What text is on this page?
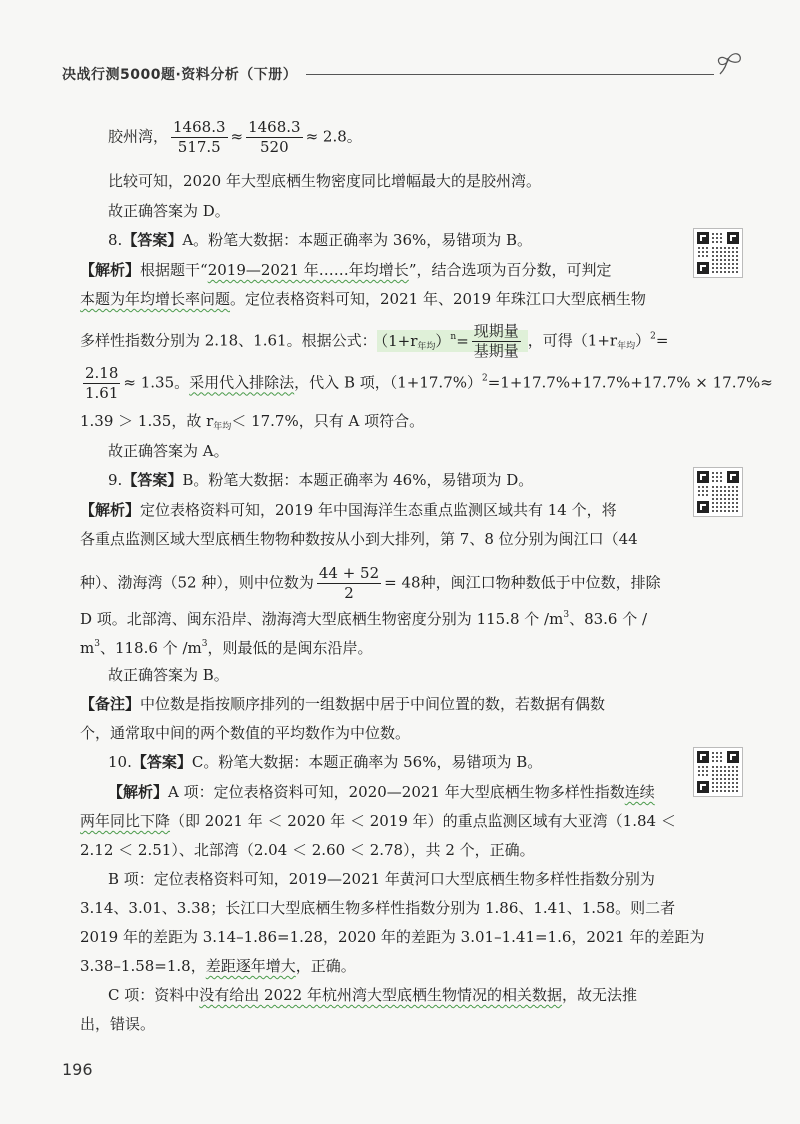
决战行测5000题·资料分析（下册）
胶州湾， $\frac{1468.3}{517.5} \approx \frac{1468.3}{520} \approx 2.8$。
比较可知，2020 年大型底栖生物密度同比增幅最大的是胶州湾。
故正确答案为 D。
8.【答案】A。粉笔大数据：本题正确率为 36%，易错项为 B。
【解析】根据题干“2019—2021 年……年均增长”，结合选项为百分数，可判定
本题为年均增长率问题。定位表格资料可知，2021 年、2019 年珠江口大型底栖生物
多样性指数分别为 2.18、1.61。根据公式： $(1+r_{年均})^n= \frac{\text{现期量}}{\text{基期量}}$ ，可得$(1+r_{年均})^2=$
$\frac{2.18}{1.61} \approx 1.35$。采用代入排除法，代入 B 项，$(1+17.7\%)^2=1+17.7\%+17.7\%+17.7\% \times 17.7\%\approx$
1.39 ＞ 1.35，故 $r_{年均}< 17.7\%$，只有 A 项符合。
故正确答案为 A。
9.【答案】B。粉笔大数据：本题正确率为 46%，易错项为 D。
【解析】定位表格资料可知，2019 年中国海洋生态重点监测区域共有 14 个，将
各重点监测区域大型底栖生物物种数按从小到大排列，第 7、8 位分别为闽江口（44
种）、渤海湾（52 种），则中位数为 $\frac{44 + 52}{2} = 48$种，闽江口物种数低于中位数，排除
D 项。北部湾、闽东沿岸、渤海湾大型底栖生物密度分别为 115.8 个 $/m^3$、83.6 个 /
$m^3$、118.6 个 $/m^3$，则最低的是闽东沿岸。
故正确答案为 B。
【备注】中位数是指按顺序排列的一组数据中居于中间位置的数，若数据有偶数
个，通常取中间的两个数值的平均数作为中位数。
10.【答案】C。粉笔大数据：本题正确率为 56%，易错项为 B。
【解析】A 项：定位表格资料可知，2020—2021 年大型底栖生物多样性指数连续
两年同比下降（即 2021 年 ＜ 2020 年 ＜ 2019 年）的重点监测区域有大亚湾（1.84 ＜
2.12 ＜ 2.51）、北部湾（2.04 ＜ 2.60 ＜ 2.78），共 2 个，正确。
B 项：定位表格资料可知，2019—2021 年黄河口大型底栖生物多样性指数分别为
3.14、3.01、3.38；长江口大型底栖生物多样性指数分别为 1.86、1.41、1.58。则二者
2019 年的差距为 3.14–1.86=1.28，2020 年的差距为 3.01–1.41=1.6，2021 年的差距为
3.38–1.58=1.8，差距逐年增大，正确。
C 项：资料中没有给出 2022 年杭州湾大型底栖生物情况的相关数据，故无法推
出，错误。
196
